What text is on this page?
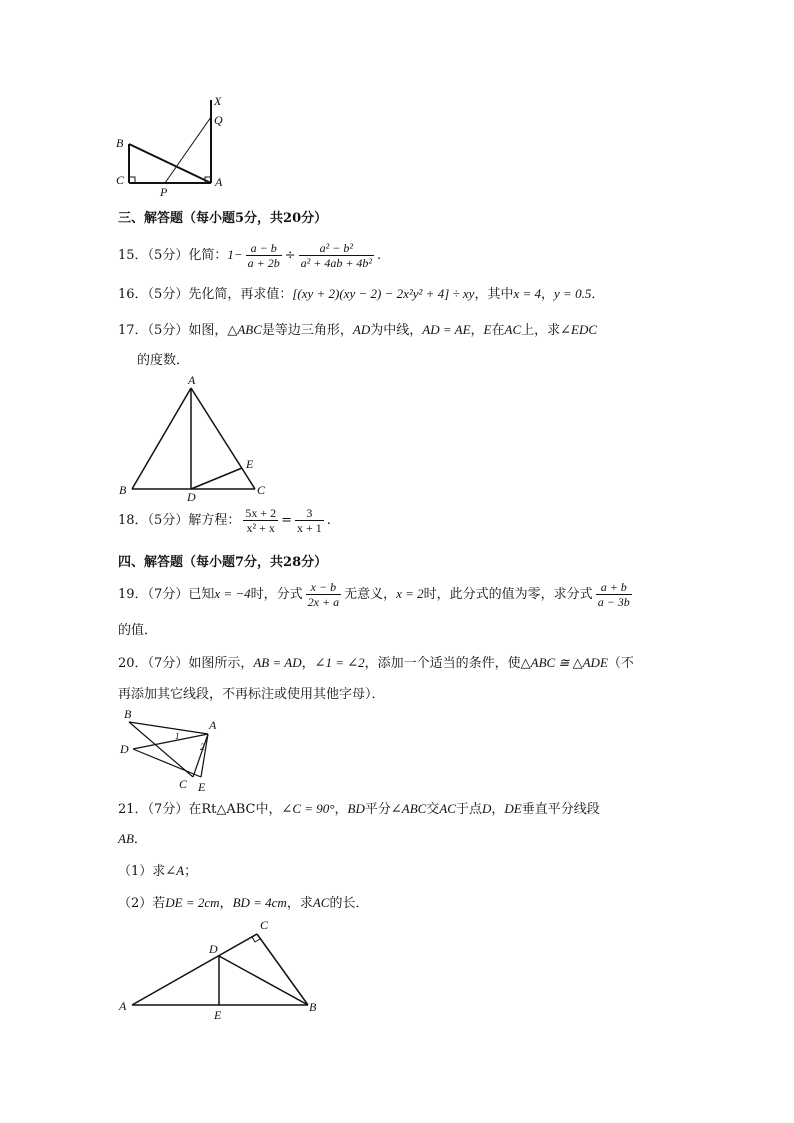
X
Q
B
C
P
A
三、解答题（每小题5分，共20分）
15．（5分）化简：$1- \frac{a - b}{a + 2b} \div \frac{\text{a² − b²}}{\text{a² + 4ab + 4b²}}$ .
16．（5分）先化简，再求值：[(xy + 2)(xy − 2) − 2x²y² + 4] ÷ xy，其中x = 4，y = 0.5．
17．（5分）如图，△ABC是等边三角形，AD为中线，AD = AE，E在AC上，求∠EDC
的度数．
A
B	D	C
E
18．（5分）解方程： $\frac{5x + 2}{\text{x² + x}} = \frac{3}{x + 1}$ .
四、解答题（每小题7分，共28分）
19．（7分）已知x = −4时，分式 $\frac{x - b}{2x + a}$ 无意义，x = 2时，此分式的值为零，求分式 $\frac{a + b}{a - 3b}$
的值．
20．（7分）如图所示，AB = AD，∠1 = ∠2，添加一个适当的条件，使△ABC ≅ △ADE（不
再添加其它线段，不再标注或使用其他字母）．
B
A
D
C E
1
2
21．（7分）在Rt△ABC中，∠C = 90°，BD平分∠ABC交AC于点D，DE垂直平分线段
AB．
（1）求∠A；
（2）若DE = 2cm，BD = 4cm，求AC的长．
C
D
A
E
B
